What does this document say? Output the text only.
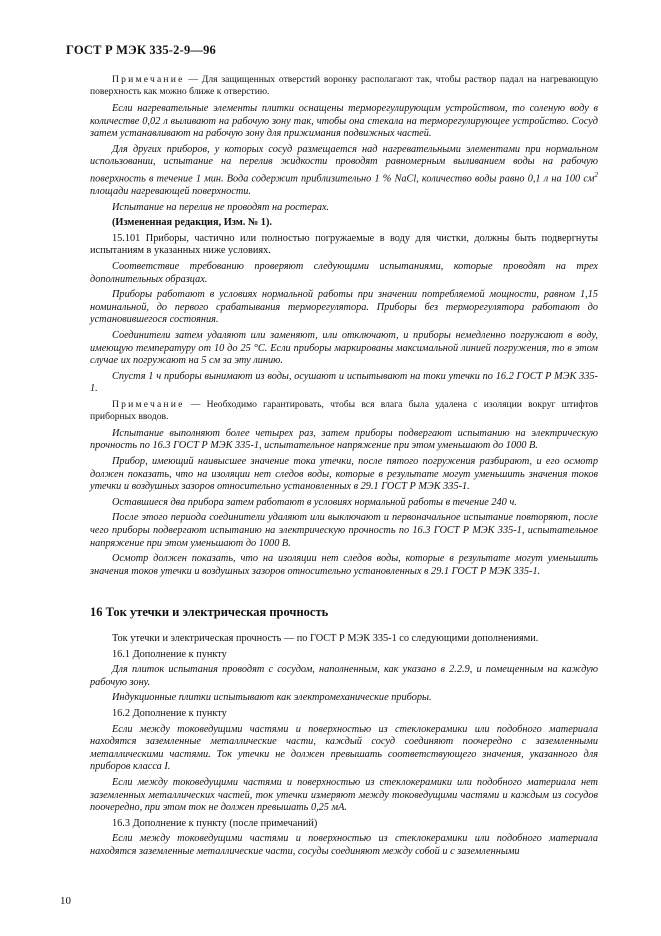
ГОСТ Р МЭК 335-2-9—96

Примечание — Для защищенных отверстий воронку располагают так, чтобы раствор падал на нагревающую поверхность как можно ближе к отверстию.

Если нагревательные элементы плитки оснащены терморегулирующим устройством, то соленую воду в количестве 0,02 л выливают на рабочую зону так, чтобы она стекала на терморегулирующее устройство. Сосуд затем устанавливают на рабочую зону для прижимания подвижных частей.

Для других приборов, у которых сосуд размещается над нагревательными элементами при нормальном использовании, испытание на перелив жидкости проводят равномерным выливанием воды на рабочую поверхность в течение 1 мин. Вода содержит приблизительно 1 % NaCl, количество воды равно 0,1 л на 100 $см^2$ площади нагревающей поверхности.

Испытание на перелив не проводят на ростерах.

(Измененная редакция, Изм. № 1).

15.101 Приборы, частично или полностью погружаемые в воду для чистки, должны быть подвергнуты испытаниям в указанных ниже условиях.

Соответствие требованию проверяют следующими испытаниями, которые проводят на трех дополнительных образцах.

Приборы работают в условиях нормальной работы при значении потребляемой мощности, равном 1,15 номинальной, до первого срабатывания терморегулятора. Приборы без терморегулятора работают до установившегося состояния.

Соединители затем удаляют или заменяют, или отключают, и приборы немедленно погружают в воду, имеющую температуру от 10 до 25 °С. Если приборы маркированы максимальной линией погружения, то в этом случае их погружают на 5 см за эту линию.

Спустя 1 ч приборы вынимают из воды, осушают и испытывают на токи утечки по 16.2 ГОСТ Р МЭК 335-1.

Примечание — Необходимо гарантировать, чтобы вся влага была удалена с изоляции вокруг штифтов приборных вводов.

Испытание выполняют более четырех раз, затем приборы подвергают испытанию на электрическую прочность по 16.3 ГОСТ Р МЭК 335-1, испытательное напряжение при этом уменьшают до 1000 В.

Прибор, имеющий наивысшее значение тока утечки, после пятого погружения разбирают, и его осмотр должен показать, что на изоляции нет следов воды, которые в результате могут уменьшить значения токов утечки и воздушных зазоров относительно установленных в 29.1 ГОСТ Р МЭК 335-1.

Оставшиеся два прибора затем работают в условиях нормальной работы в течение 240 ч.

После этого периода соединители удаляют или выключают и первоначальное испытание повторяют, после чего приборы подвергают испытанию на электрическую прочность по 16.3 ГОСТ Р МЭК 335-1, испытательное напряжение при этом уменьшают до 1000 В.

Осмотр должен показать, что на изоляции нет следов воды, которые в результате могут уменьшить значения токов утечки и воздушных зазоров относительно установленных в 29.1 ГОСТ Р МЭК 335-1.

16 Ток утечки и электрическая прочность

Ток утечки и электрическая прочность — по ГОСТ Р МЭК 335-1 со следующими дополнениями.

16.1 Дополнение к пункту

Для плиток испытания проводят с сосудом, наполненным, как указано в 2.2.9, и помещенным на каждую рабочую зону.

Индукционные плитки испытывают как электромеханические приборы.

16.2 Дополнение к пункту

Если между токоведущими частями и поверхностью из стеклокерамики или подобного материала находятся заземленные металлические части, каждый сосуд соединяют поочередно с заземленными металлическими частями. Ток утечки не должен превышать соответствующего значения, указанного для приборов класса I.

Если между токоведущими частями и поверхностью из стеклокерамики или подобного материала нет заземленных металлических частей, ток утечки измеряют между токоведущими частями и каждым из сосудов поочередно, при этом ток не должен превышать 0,25 мА.

16.3 Дополнение к пункту (после примечаний)

Если между токоведущими частями и поверхностью из стеклокерамики или подобного материала находятся заземленные металлические части, сосуды соединяют между собой и с заземленными

10
